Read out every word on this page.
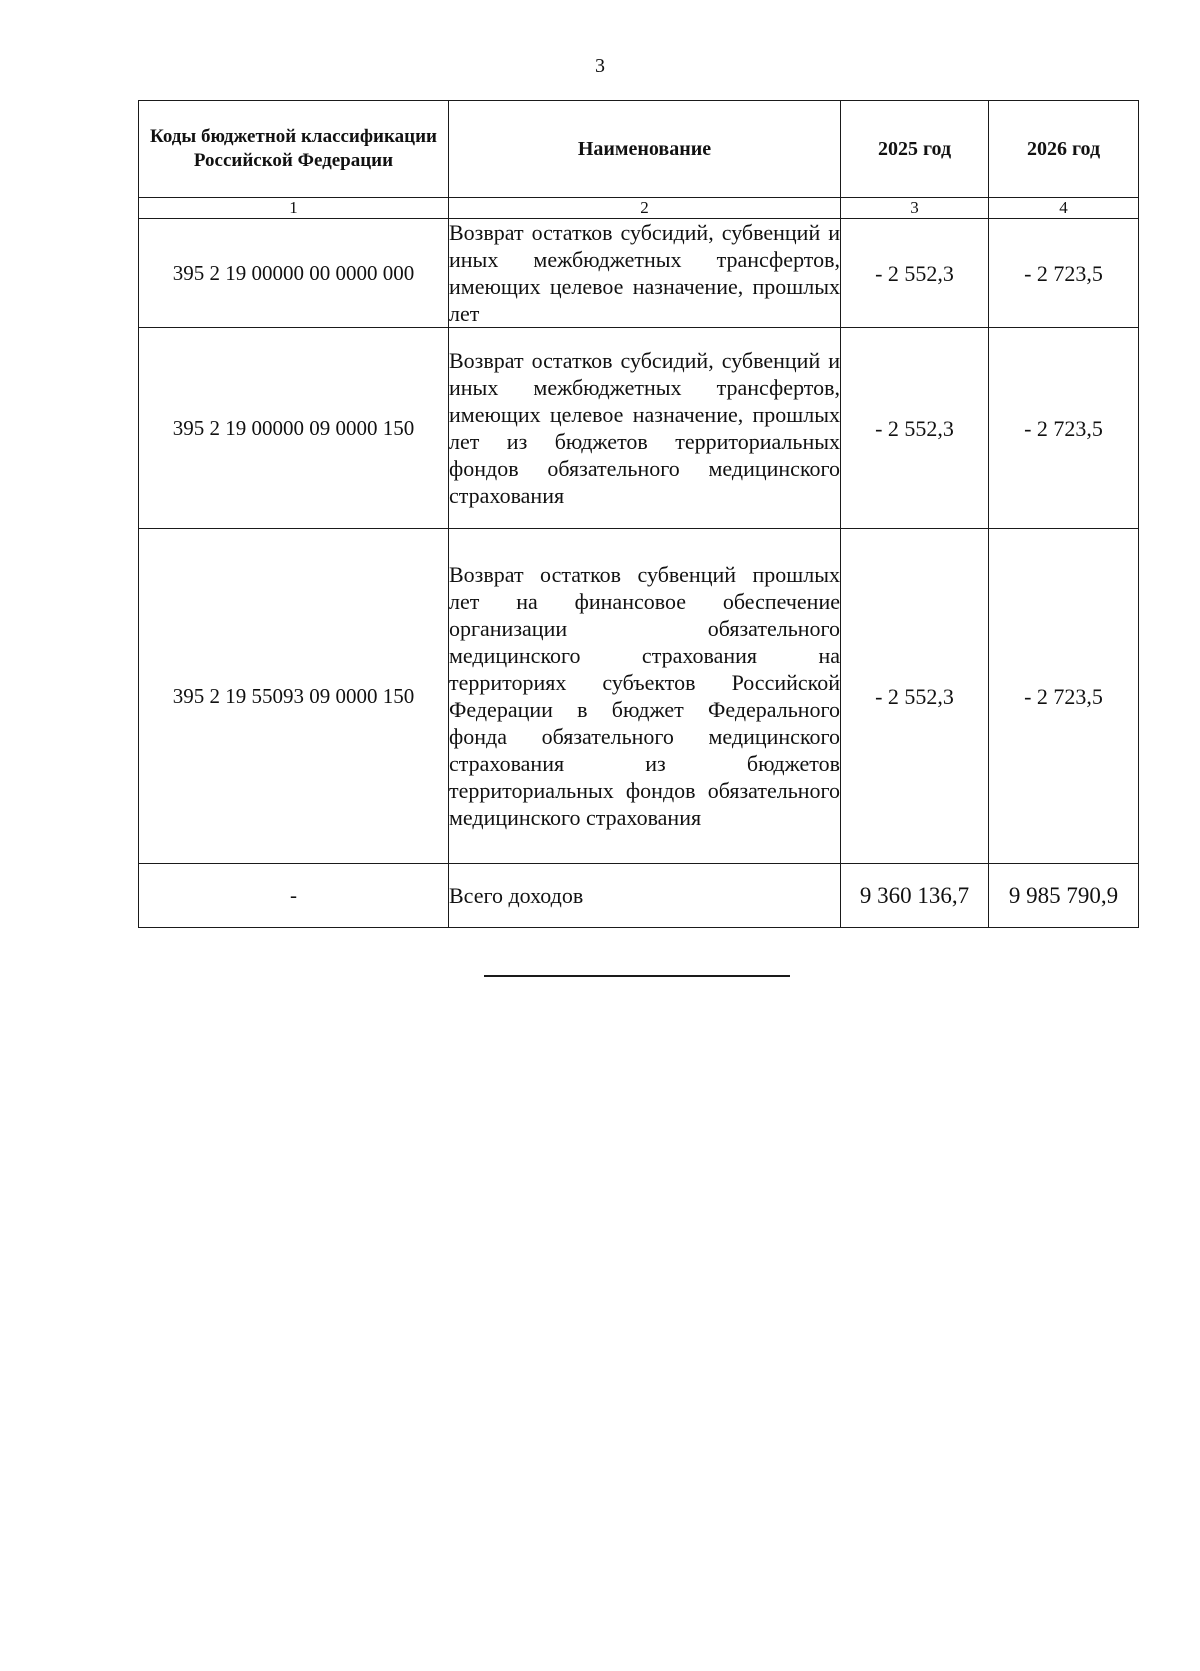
3
Коды бюджетной классификации Российской Федерации	Наименование	2025 год	2026 год
1	2	3	4
395 2 19 00000 00 0000 000	Возврат остатков субсидий, субвенций и иных межбюджетных трансфертов, имеющих целевое назначение, прошлых лет	- 2 552,3	- 2 723,5
395 2 19 00000 09 0000 150	Возврат остатков субсидий, субвенций и иных межбюджетных трансфертов, имеющих целевое назначение, прошлых лет из бюджетов территориальных фондов обязательного медицинского страхования	- 2 552,3	- 2 723,5
395 2 19 55093 09 0000 150	Возврат остатков субвенций прошлых лет на финансовое обеспечение организации обязательного медицинского страхования на территориях субъектов Российской Федерации в бюджет Федерального фонда обязательного медицинского страхования из бюджетов территориальных фондов обязательного медицинского страхования	- 2 552,3	- 2 723,5
-	Всего доходов	9 360 136,7	9 985 790,9
